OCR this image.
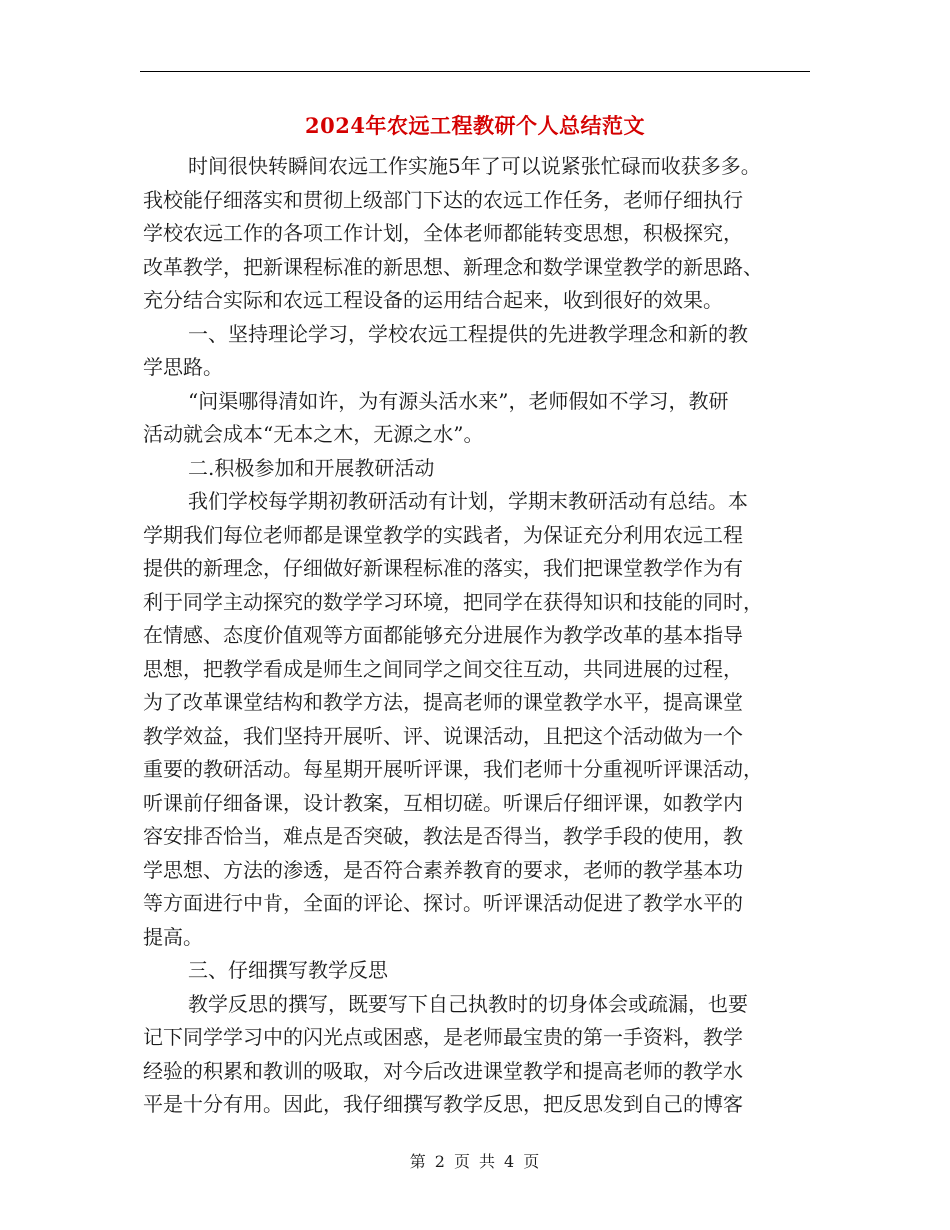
2024年农远工程教研个人总结范文

时间很快转瞬间农远工作实施5年了可以说紧张忙碌而收获多多。
我校能仔细落实和贯彻上级部门下达的农远工作任务，老师仔细执行
学校农远工作的各项工作计划，全体老师都能转变思想，积极探究，
改革教学，把新课程标准的新思想、新理念和数学课堂教学的新思路、
充分结合实际和农远工程设备的运用结合起来，收到很好的效果。

一、坚持理论学习，学校农远工程提供的先进教学理念和新的教
学思路。

“问渠哪得清如许，为有源头活水来”，老师假如不学习，教研
活动就会成本“无本之木，无源之水”。

二.积极参加和开展教研活动

我们学校每学期初教研活动有计划，学期末教研活动有总结。本
学期我们每位老师都是课堂教学的实践者，为保证充分利用农远工程
提供的新理念，仔细做好新课程标准的落实，我们把课堂教学作为有
利于同学主动探究的数学学习环境，把同学在获得知识和技能的同时，
在情感、态度价值观等方面都能够充分进展作为教学改革的基本指导
思想，把教学看成是师生之间同学之间交往互动，共同进展的过程，
为了改革课堂结构和教学方法，提高老师的课堂教学水平，提高课堂
教学效益，我们坚持开展听、评、说课活动，且把这个活动做为一个
重要的教研活动。每星期开展听评课，我们老师十分重视听评课活动，
听课前仔细备课，设计教案，互相切磋。听课后仔细评课，如教学内
容安排否恰当，难点是否突破，教法是否得当，教学手段的使用，教
学思想、方法的渗透，是否符合素养教育的要求，老师的教学基本功
等方面进行中肯，全面的评论、探讨。听评课活动促进了教学水平的
提高。

三、仔细撰写教学反思

教学反思的撰写，既要写下自己执教时的切身体会或疏漏，也要
记下同学学习中的闪光点或困惑，是老师最宝贵的第一手资料，教学
经验的积累和教训的吸取，对今后改进课堂教学和提高老师的教学水
平是十分有用。因此，我仔细撰写教学反思，把反思发到自己的博客

第 2 页 共 4 页
